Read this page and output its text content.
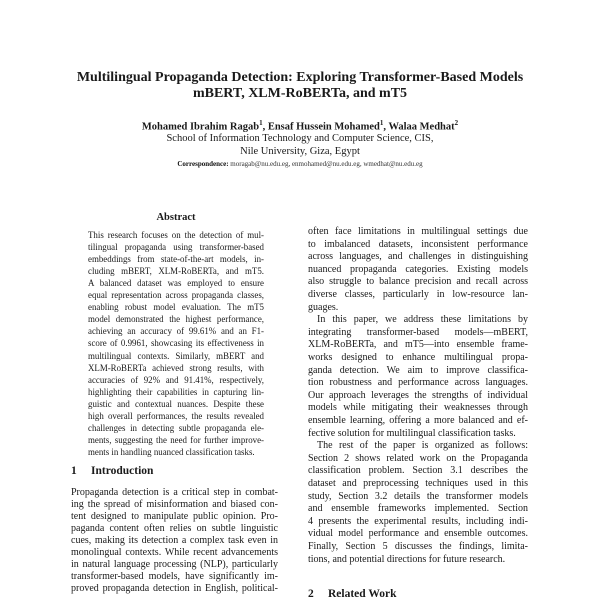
Multilingual Propaganda Detection: Exploring Transformer-Based Models
mBERT, XLM-RoBERTa, and mT5
Mohamed Ibrahim Ragab$^1$, Ensaf Hussein Mohamed$^1$, Walaa Medhat$^2$
School of Information Technology and Computer Science, CIS,
Nile University, Giza, Egypt
Correspondence: moragab@nu.edu.eg, enmohamed@nu.edu.eg, wmedhat@nu.edu.eg
Abstract
This research focuses on the detection of mul-
tilingual propaganda using transformer-based
embeddings from state-of-the-art models, in-
cluding mBERT, XLM-RoBERTa, and mT5.
A balanced dataset was employed to ensure
equal representation across propaganda classes,
enabling robust model evaluation. The mT5
model demonstrated the highest performance,
achieving an accuracy of 99.61% and an F1-
score of 0.9961, showcasing its effectiveness in
multilingual contexts. Similarly, mBERT and
XLM-RoBERTa achieved strong results, with
accuracies of 92% and 91.41%, respectively,
highlighting their capabilities in capturing lin-
guistic and contextual nuances. Despite these
high overall performances, the results revealed
challenges in detecting subtle propaganda ele-
ments, suggesting the need for further improve-
ments in handling nuanced classification tasks.
1 Introduction
Propaganda detection is a critical step in combat-
ing the spread of misinformation and biased con-
tent designed to manipulate public opinion. Pro-
paganda content often relies on subtle linguistic
cues, making its detection a complex task even in
monolingual contexts. While recent advancements
in natural language processing (NLP), particularly
transformer-based models, have significantly im-
proved propaganda detection in English, political-
often face limitations in multilingual settings due
to imbalanced datasets, inconsistent performance
across languages, and challenges in distinguishing
nuanced propaganda categories. Existing models
also struggle to balance precision and recall across
diverse classes, particularly in low-resource lan-
guages.
In this paper, we address these limitations by
integrating transformer-based models—mBERT,
XLM-RoBERTa, and mT5—into ensemble frame-
works designed to enhance multilingual propa-
ganda detection. We aim to improve classifica-
tion robustness and performance across languages.
Our approach leverages the strengths of individual
models while mitigating their weaknesses through
ensemble learning, offering a more balanced and ef-
fective solution for multilingual classification tasks.
The rest of the paper is organized as follows:
Section 2 shows related work on the Propaganda
classification problem. Section 3.1 describes the
dataset and preprocessing techniques used in this
study, Section 3.2 details the transformer models
and ensemble frameworks implemented. Section
4 presents the experimental results, including indi-
vidual model performance and ensemble outcomes.
Finally, Section 5 discusses the findings, limita-
tions, and potential directions for future research.
2 Related Work
